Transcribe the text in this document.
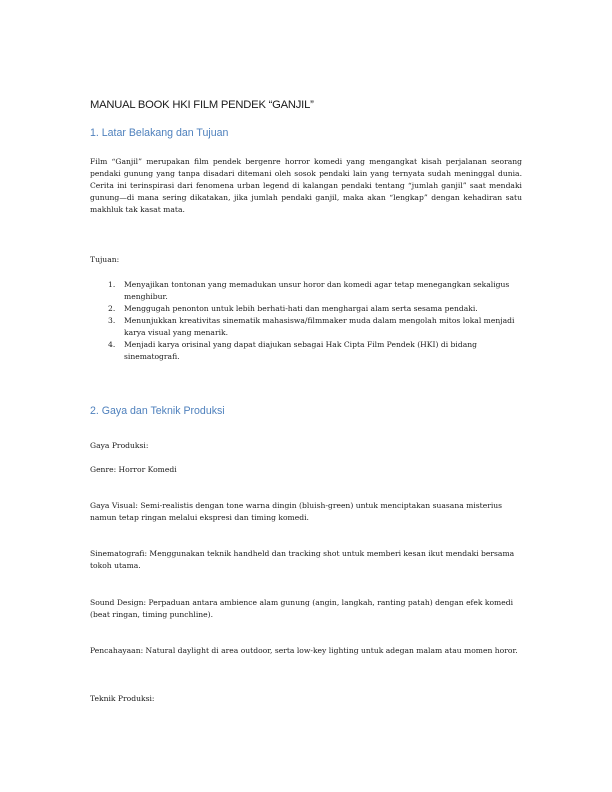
MANUAL BOOK HKI FILM PENDEK “GANJIL”
1. Latar Belakang dan Tujuan
Film “Ganjil” merupakan film pendek bergenre horror komedi yang mengangkat kisah perjalanan seorang pendaki gunung yang tanpa disadari ditemani oleh sosok pendaki lain yang ternyata sudah meninggal dunia. Cerita ini terinspirasi dari fenomena urban legend di kalangan pendaki tentang “jumlah ganjil” saat mendaki gunung—di mana sering dikatakan, jika jumlah pendaki ganjil, maka akan “lengkap” dengan kehadiran satu makhluk tak kasat mata.
Tujuan:
1. Menyajikan tontonan yang memadukan unsur horor dan komedi agar tetap menegangkan sekaligus menghibur.
2. Menggugah penonton untuk lebih berhati-hati dan menghargai alam serta sesama pendaki.
3. Menunjukkan kreativitas sinematik mahasiswa/filmmaker muda dalam mengolah mitos lokal menjadi karya visual yang menarik.
4. Menjadi karya orisinal yang dapat diajukan sebagai Hak Cipta Film Pendek (HKI) di bidang sinematografi.
2. Gaya dan Teknik Produksi
Gaya Produksi:
Genre: Horror Komedi
Gaya Visual: Semi-realistis dengan tone warna dingin (bluish-green) untuk menciptakan suasana misterius namun tetap ringan melalui ekspresi dan timing komedi.
Sinematografi: Menggunakan teknik handheld dan tracking shot untuk memberi kesan ikut mendaki bersama tokoh utama.
Sound Design: Perpaduan antara ambience alam gunung (angin, langkah, ranting patah) dengan efek komedi (beat ringan, timing punchline).
Pencahayaan: Natural daylight di area outdoor, serta low-key lighting untuk adegan malam atau momen horor.
Teknik Produksi:
